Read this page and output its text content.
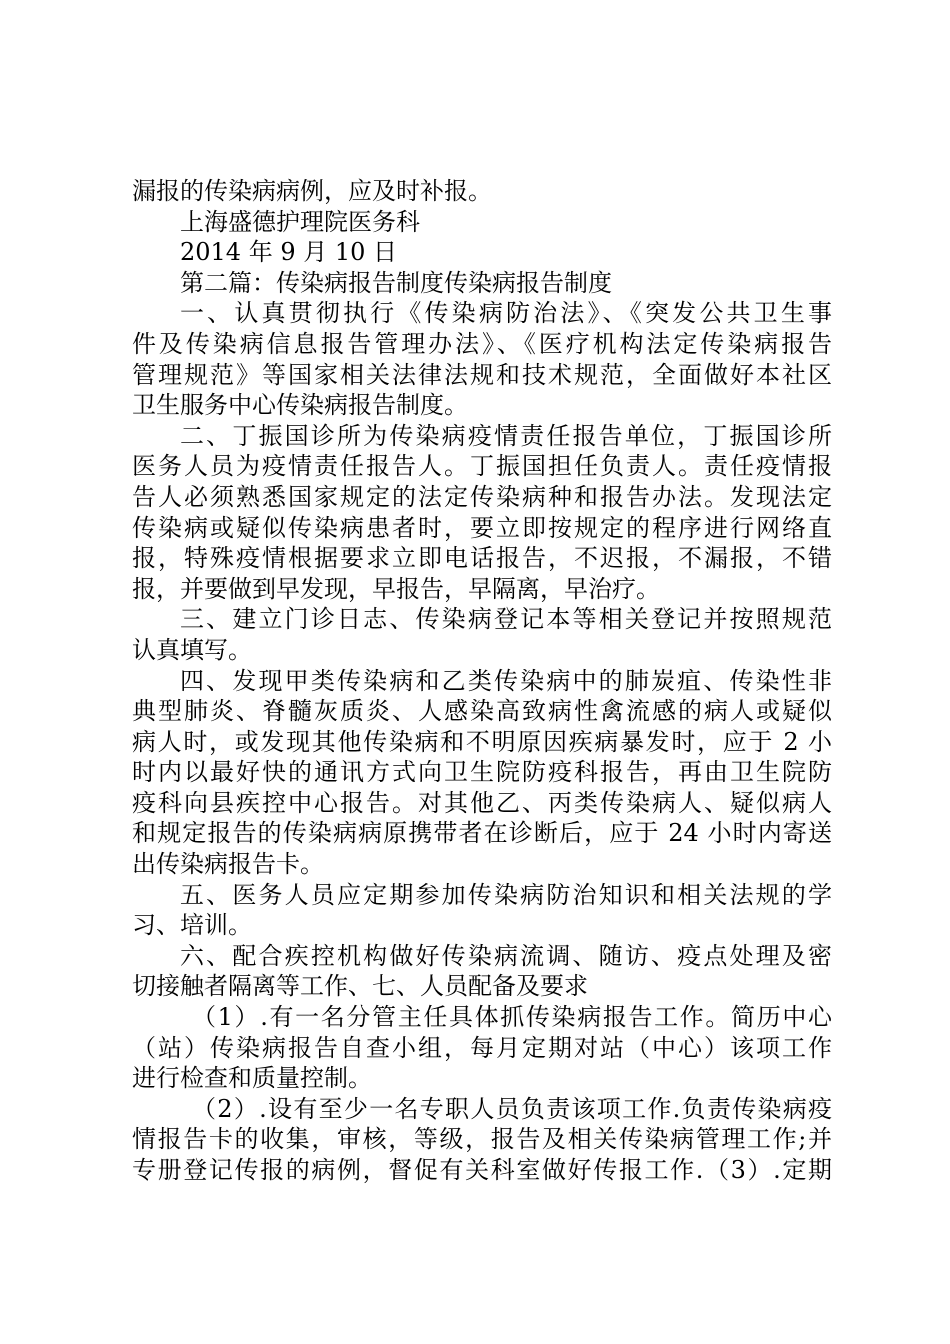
漏报的传染病病例，应及时补报。
上海盛德护理院医务科
2014 年 9 月 10 日
第二篇：传染病报告制度传染病报告制度
一、认真贯彻执行《传染病防治法》、《突发公共卫生事
件及传染病信息报告管理办法》、《医疗机构法定传染病报告
管理规范》等国家相关法律法规和技术规范，全面做好本社区
卫生服务中心传染病报告制度。
二、丁振国诊所为传染病疫情责任报告单位，丁振国诊所
医务人员为疫情责任报告人。丁振国担任负责人。责任疫情报
告人必须熟悉国家规定的法定传染病种和报告办法。发现法定
传染病或疑似传染病患者时，要立即按规定的程序进行网络直
报，特殊疫情根据要求立即电话报告，不迟报，不漏报，不错
报，并要做到早发现，早报告，早隔离，早治疗。
三、建立门诊日志、传染病登记本等相关登记并按照规范
认真填写。
四、发现甲类传染病和乙类传染病中的肺炭疽、传染性非
典型肺炎、脊髓灰质炎、人感染高致病性禽流感的病人或疑似
病人时，或发现其他传染病和不明原因疾病暴发时，应于 2 小
时内以最好快的通讯方式向卫生院防疫科报告，再由卫生院防
疫科向县疾控中心报告。对其他乙、丙类传染病人、疑似病人
和规定报告的传染病病原携带者在诊断后，应于 24 小时内寄送
出传染病报告卡。
五、医务人员应定期参加传染病防治知识和相关法规的学
习、培训。
六、配合疾控机构做好传染病流调、随访、疫点处理及密
切接触者隔离等工作、七、人员配备及要求
（1）.有一名分管主任具体抓传染病报告工作。简历中心
（站）传染病报告自查小组，每月定期对站（中心）该项工作
进行检查和质量控制。
（2）.设有至少一名专职人员负责该项工作.负责传染病疫
情报告卡的收集，审核，等级，报告及相关传染病管理工作;并
专册登记传报的病例，督促有关科室做好传报工作.（3）.定期
